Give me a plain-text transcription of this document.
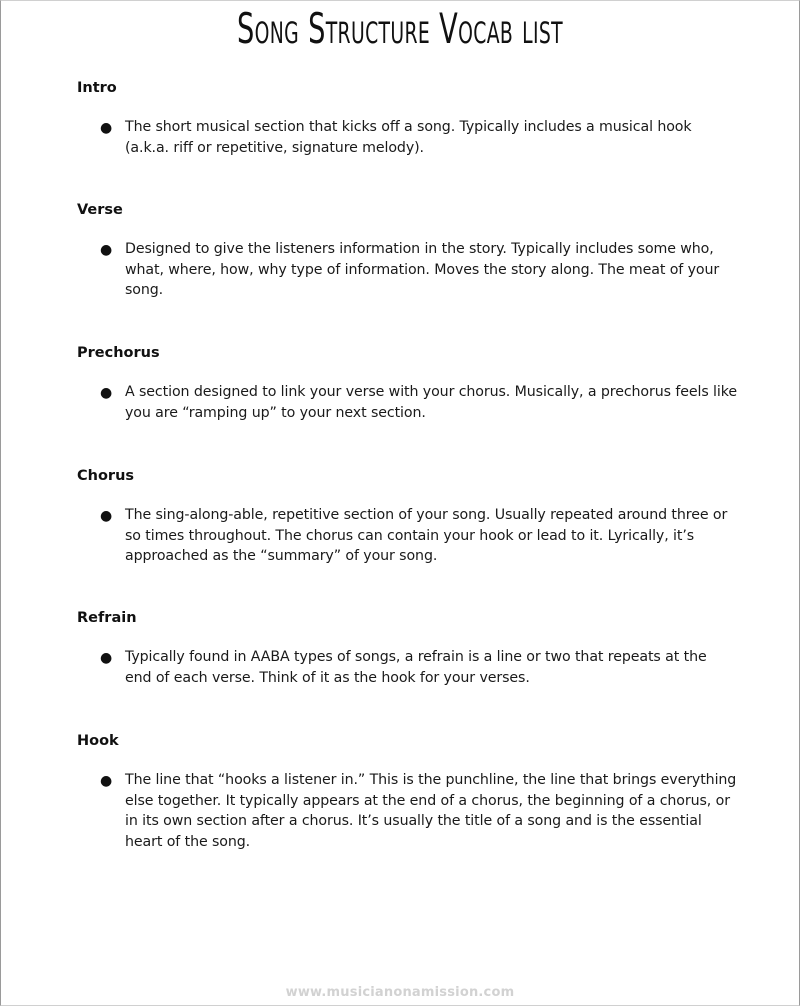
Song Structure Vocab list

Intro

● The short musical section that kicks off a song. Typically includes a musical hook (a.k.a. riff or repetitive, signature melody).

Verse

● Designed to give the listeners information in the story. Typically includes some who, what, where, how, why type of information. Moves the story along. The meat of your song.

Prechorus

● A section designed to link your verse with your chorus. Musically, a prechorus feels like you are “ramping up” to your next section.

Chorus

● The sing-along-able, repetitive section of your song. Usually repeated around three or so times throughout. The chorus can contain your hook or lead to it. Lyrically, it’s approached as the “summary” of your song.

Refrain

● Typically found in AABA types of songs, a refrain is a line or two that repeats at the end of each verse. Think of it as the hook for your verses.

Hook

● The line that “hooks a listener in.” This is the punchline, the line that brings everything else together. It typically appears at the end of a chorus, the beginning of a chorus, or in its own section after a chorus. It’s usually the title of a song and is the essential heart of the song.

www.musicianonamission.com
